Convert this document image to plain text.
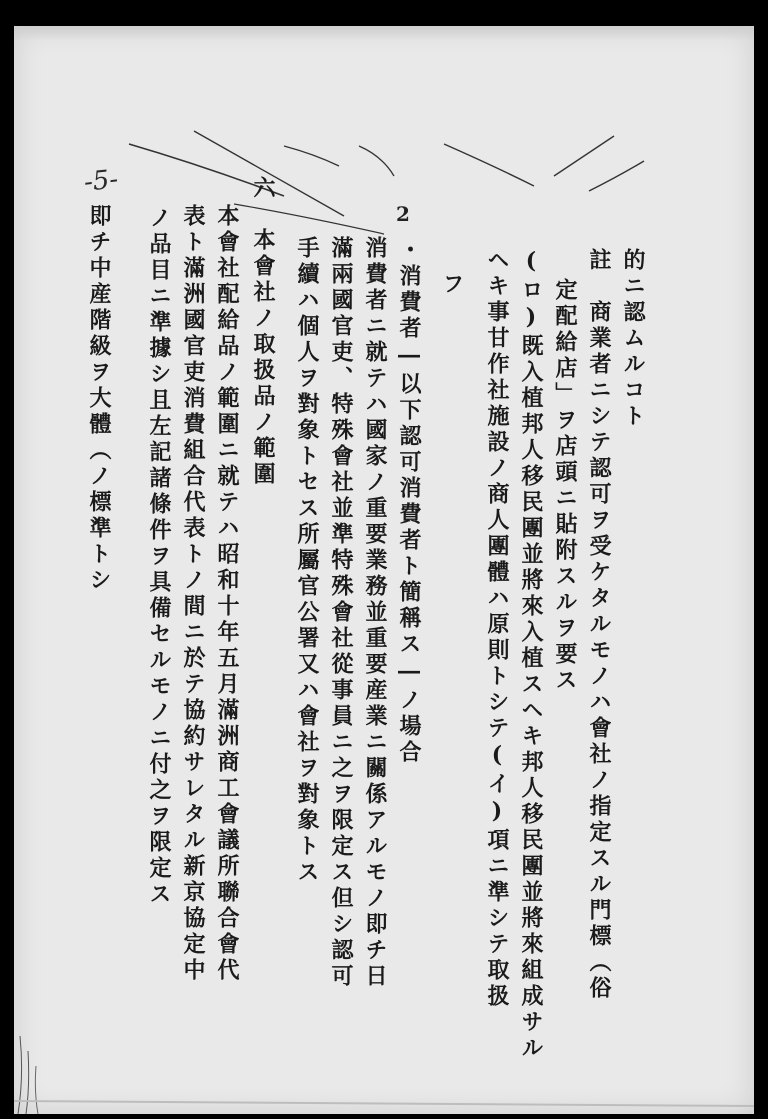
-5-
2
的ニ認ムルコト
註　商業者ニシテ認可ヲ受ケタルモノハ會社ノ指定スル門標（俗
定配給店」ヲ店頭ニ貼附スルヲ要ス
(ロ)既入植邦人移民團並將來入植スヘキ邦人移民團並將來組成サル
ヘキ事甘作社施設ノ商人團體ハ原則トシテ(イ)項ニ準シテ取扱
フ
・消費者―以下認可消費者ト簡稱ス―ノ場合
消費者ニ就テハ國家ノ重要業務並重要産業ニ關係アルモノ即チ日
滿兩國官吏、特殊會社並準特殊會社從事員ニ之ヲ限定ス但シ認可
手續ハ個人ヲ對象トセス所屬官公署又ハ會社ヲ對象トス
六　本會社ノ取扱品ノ範圍
本會社配給品ノ範圍ニ就テハ昭和十年五月滿洲商工會議所聯合會代
表ト滿洲國官吏消費組合代表トノ間ニ於テ協約サレタル新京協定中
ノ品目ニ準據シ且左記諸條件ヲ具備セルモノニ付之ヲ限定ス
即チ中産階級ヲ大體（ノ標準トシ
